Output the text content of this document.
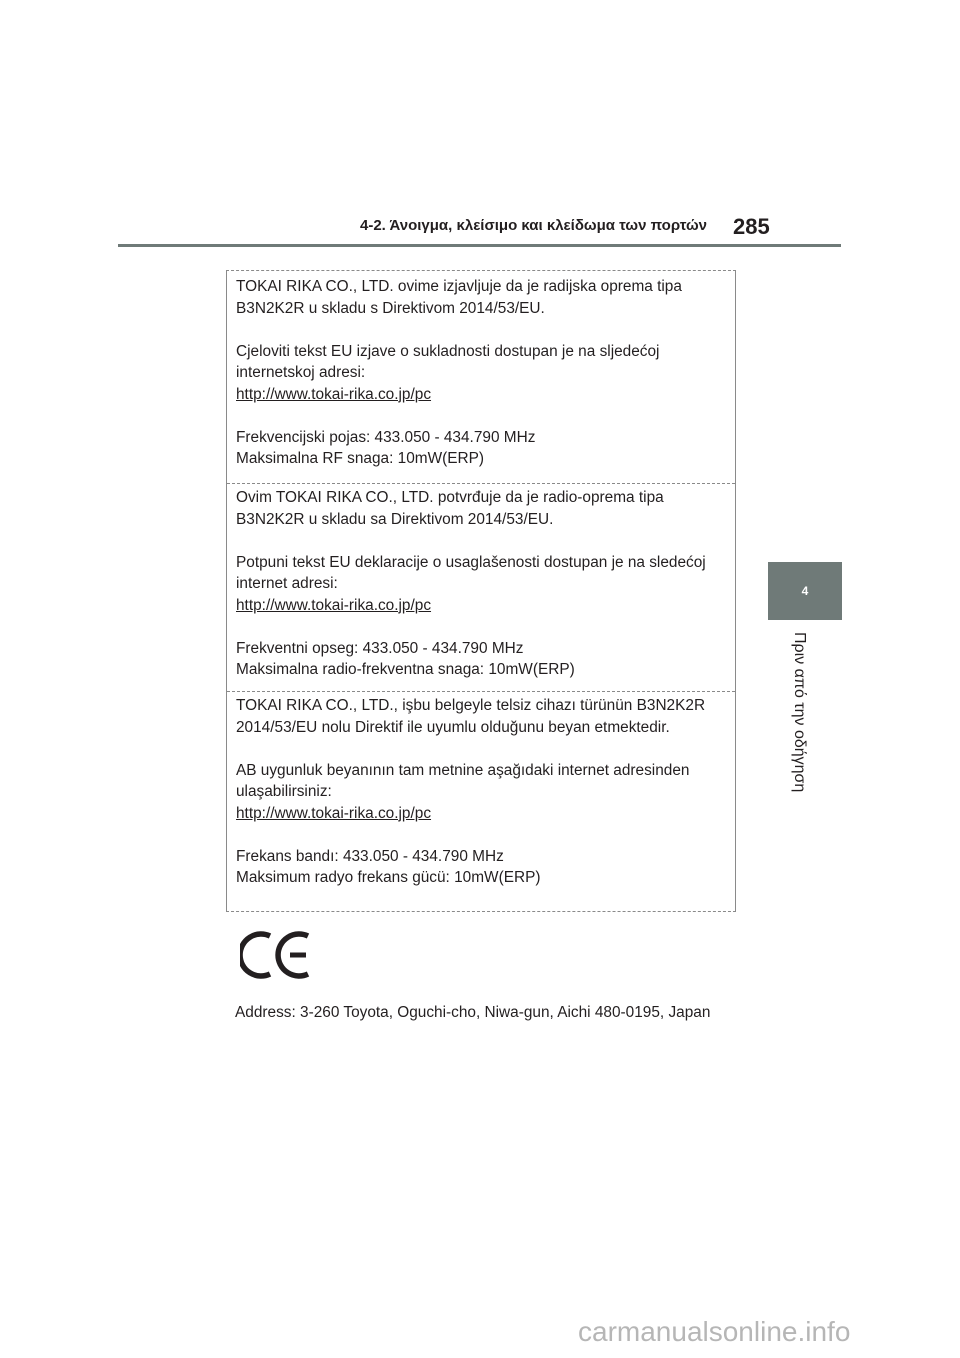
4-2. Άνοιγμα, κλείσιμο και κλείδωμα των πορτών 285
4
Πριν από την οδήγηση

TOKAI RIKA CO., LTD. ovime izjavljuje da je radijska oprema tipa

B3N2K2R u skladu s Direktivom 2014/53/EU.

Cjeloviti tekst EU izjave o sukladnosti dostupan je na sljedećoj

internetskoj adresi:

http://www.tokai-rika.co.jp/pc

Frekvencijski pojas: 433.050 - 434.790 MHz

Maksimalna RF snaga: 10mW(ERP)

Ovim TOKAI RIKA CO., LTD. potvrđuje da je radio-oprema tipa

B3N2K2R u skladu sa Direktivom 2014/53/EU.

Potpuni tekst EU deklaracije o usaglašenosti dostupan je na sledećoj

internet adresi:

http://www.tokai-rika.co.jp/pc

Frekventni opseg: 433.050 - 434.790 MHz

Maksimalna radio-frekventna snaga: 10mW(ERP)

TOKAI RIKA CO., LTD., işbu belgeyle telsiz cihazı türünün B3N2K2R

2014/53/EU nolu Direktif ile uyumlu olduğunu beyan etmektedir.

AB uygunluk beyanının tam metnine aşağıdaki internet adresinden

ulaşabilirsiniz:

http://www.tokai-rika.co.jp/pc

Frekans bandı: 433.050 - 434.790 MHz

Maksimum radyo frekans gücü: 10mW(ERP)

Address: 3-260 Toyota, Oguchi-cho, Niwa-gun, Aichi 480-0195, Japan
carmanualsonline.info
